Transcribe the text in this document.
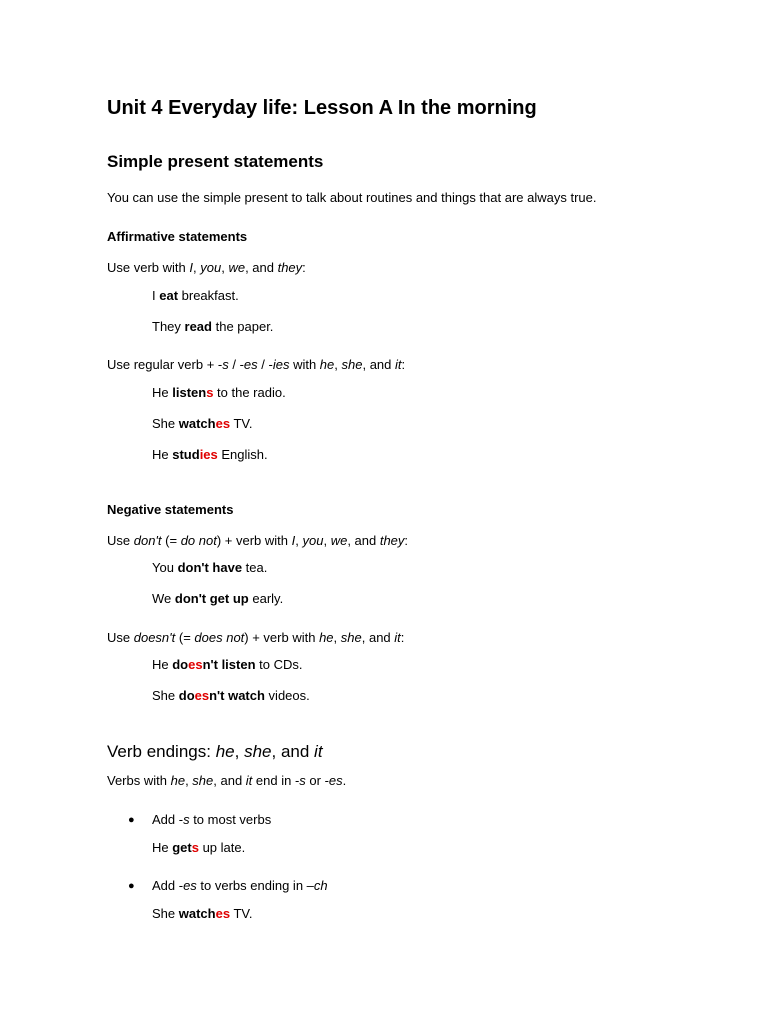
Unit 4 Everyday life: Lesson A In the morning
Simple present statements
You can use the simple present to talk about routines and things that are always true.
Affirmative statements
Use verb with I, you, we, and they:
I eat breakfast.
They read the paper.
Use regular verb + -s / -es / -ies with he, she, and it:
He listens to the radio.
She watches TV.
He studies English.
Negative statements
Use don't (= do not) + verb with I, you, we, and they:
You don't have tea.
We don't get up early.
Use doesn't (= does not) + verb with he, she, and it:
He doesn't listen to CDs.
She doesn't watch videos.
Verb endings: he, she, and it
Verbs with he, she, and it end in -s or -es.
● Add -s to most verbs
He gets up late.
● Add -es to verbs ending in –ch
She watches TV.
